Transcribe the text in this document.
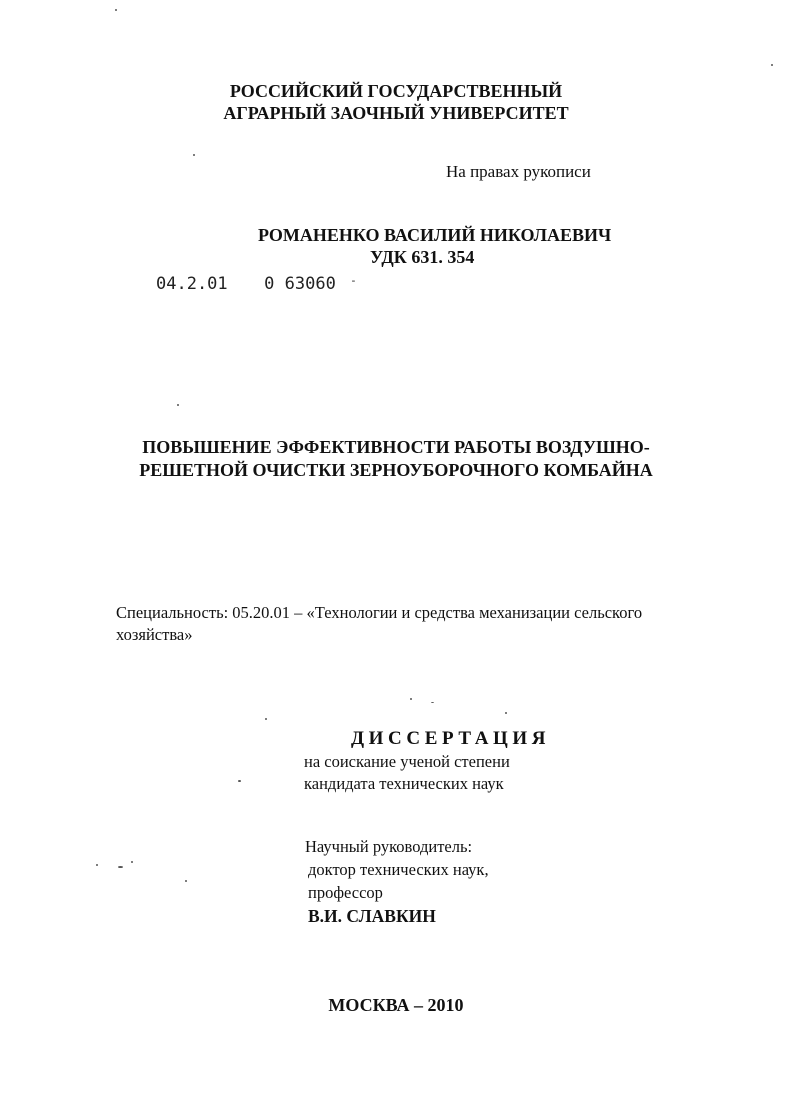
РОССИЙСКИЙ ГОСУДАРСТВЕННЫЙ
АГРАРНЫЙ ЗАОЧНЫЙ УНИВЕРСИТЕТ
На правах рукописи
РОМАНЕНКО ВАСИЛИЙ НИКОЛАЕВИЧ
УДК 631. 354
04.2.01 0 63060 -
ПОВЫШЕНИЕ ЭФФЕКТИВНОСТИ РАБОТЫ ВОЗДУШНО-
РЕШЕТНОЙ ОЧИСТКИ ЗЕРНОУБОРОЧНОГО КОМБАЙНА
Специальность: 05.20.01 – «Технологии и средства механизации сельского
хозяйства»
ДИССЕРТАЦИЯ
на соискание ученой степени
кандидата технических наук
Научный руководитель:
доктор технических наук,
профессор
В.И. СЛАВКИН
МОСКВА – 2010
